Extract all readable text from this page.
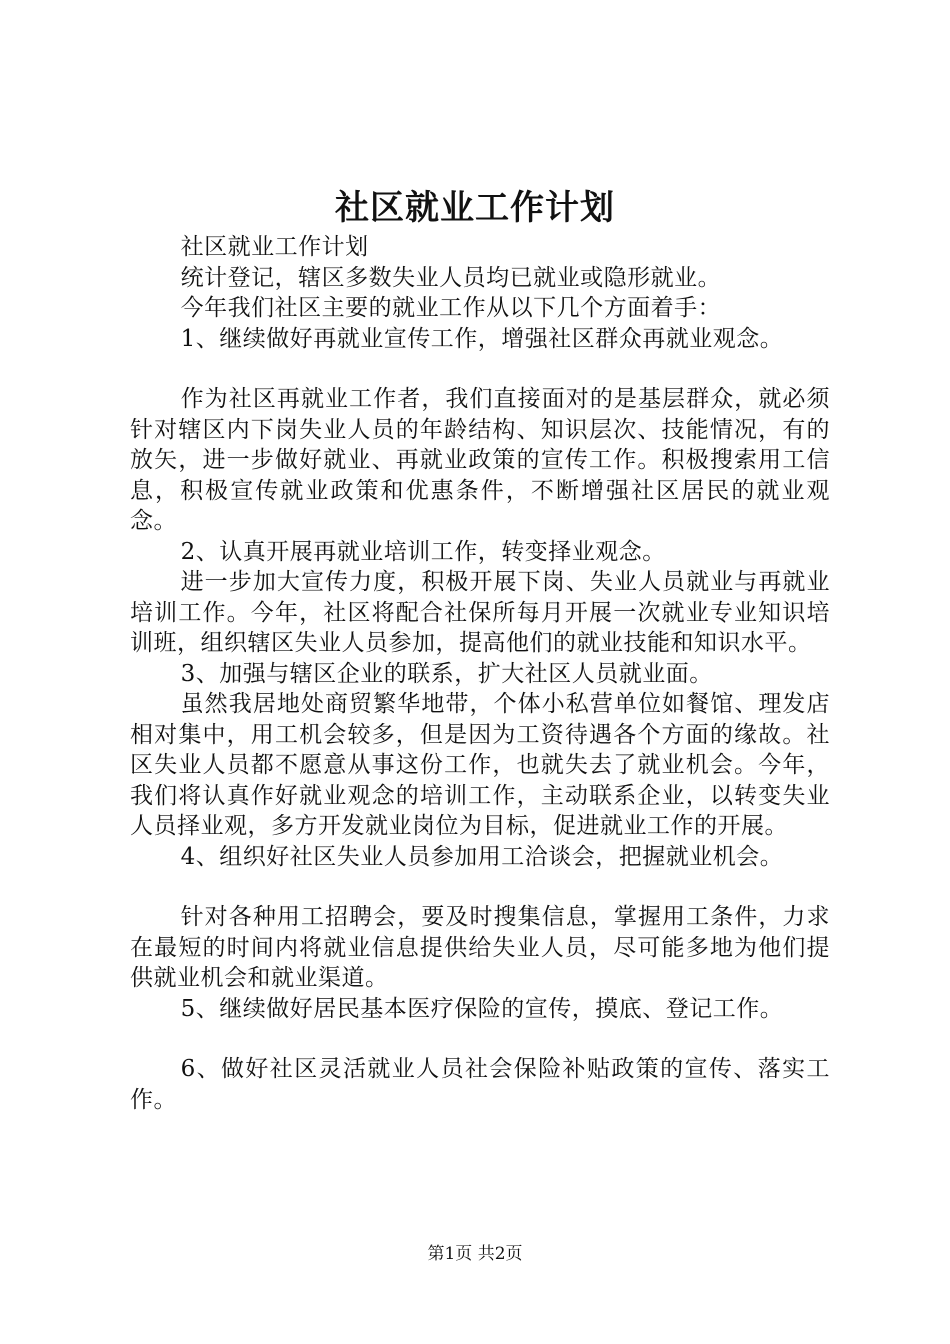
社区就业工作计划

社区就业工作计划

统计登记，辖区多数失业人员均已就业或隐形就业。

今年我们社区主要的就业工作从以下几个方面着手：

1、继续做好再就业宣传工作，增强社区群众再就业观念。

作为社区再就业工作者，我们直接面对的是基层群众，就必须针对辖区内下岗失业人员的年龄结构、知识层次、技能情况，有的放矢，进一步做好就业、再就业政策的宣传工作。积极搜索用工信息，积极宣传就业政策和优惠条件，不断增强社区居民的就业观念。

2、认真开展再就业培训工作，转变择业观念。

进一步加大宣传力度，积极开展下岗、失业人员就业与再就业培训工作。今年，社区将配合社保所每月开展一次就业专业知识培训班，组织辖区失业人员参加，提高他们的就业技能和知识水平。

3、加强与辖区企业的联系，扩大社区人员就业面。

虽然我居地处商贸繁华地带，个体小私营单位如餐馆、理发店相对集中，用工机会较多，但是因为工资待遇各个方面的缘故。社区失业人员都不愿意从事这份工作，也就失去了就业机会。今年，我们将认真作好就业观念的培训工作，主动联系企业，以转变失业人员择业观，多方开发就业岗位为目标，促进就业工作的开展。

4、组织好社区失业人员参加用工洽谈会，把握就业机会。

针对各种用工招聘会，要及时搜集信息，掌握用工条件，力求在最短的时间内将就业信息提供给失业人员，尽可能多地为他们提供就业机会和就业渠道。

5、继续做好居民基本医疗保险的宣传，摸底、登记工作。

6、做好社区灵活就业人员社会保险补贴政策的宣传、落实工作。

第1页 共2页
